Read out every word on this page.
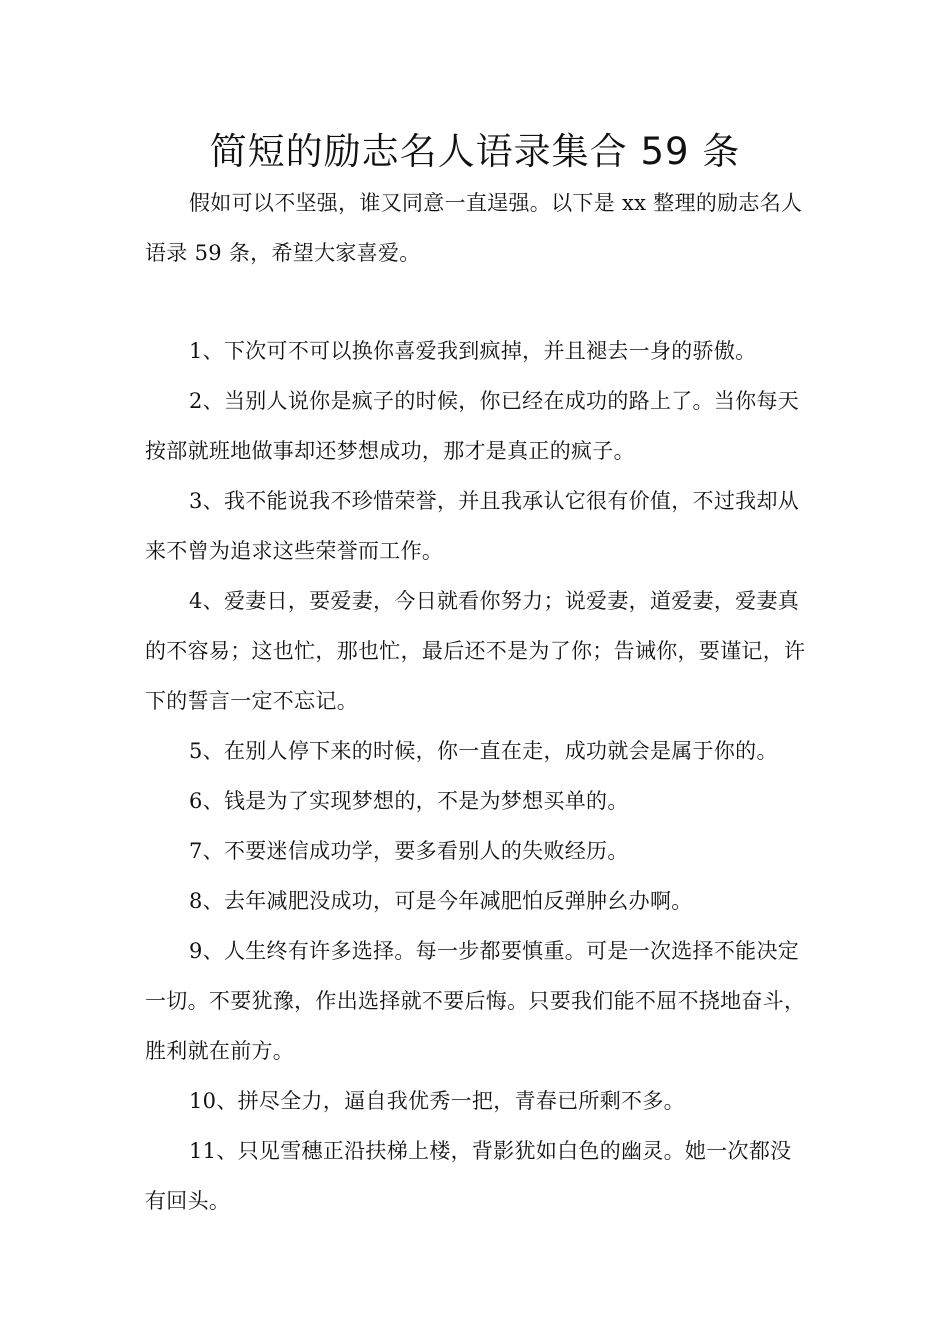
简短的励志名人语录集合 59 条

假如可以不坚强，谁又同意一直逞强。以下是 xx 整理的励志名人语录 59 条，希望大家喜爱。

1、下次可不可以换你喜爱我到疯掉，并且褪去一身的骄傲。

2、当别人说你是疯子的时候，你已经在成功的路上了。当你每天按部就班地做事却还梦想成功，那才是真正的疯子。

3、我不能说我不珍惜荣誉，并且我承认它很有价值，不过我却从来不曾为追求这些荣誉而工作。

4、爱妻日，要爱妻，今日就看你努力；说爱妻，道爱妻，爱妻真的不容易；这也忙，那也忙，最后还不是为了你；告诫你，要谨记，许下的誓言一定不忘记。

5、在别人停下来的时候，你一直在走，成功就会是属于你的。

6、钱是为了实现梦想的，不是为梦想买单的。

7、不要迷信成功学，要多看别人的失败经历。

8、去年减肥没成功，可是今年减肥怕反弹肿幺办啊。

9、人生终有许多选择。每一步都要慎重。可是一次选择不能决定一切。不要犹豫，作出选择就不要后悔。只要我们能不屈不挠地奋斗，胜利就在前方。

10、拼尽全力，逼自我优秀一把，青春已所剩不多。

11、只见雪穗正沿扶梯上楼，背影犹如白色的幽灵。她一次都没有回头。
